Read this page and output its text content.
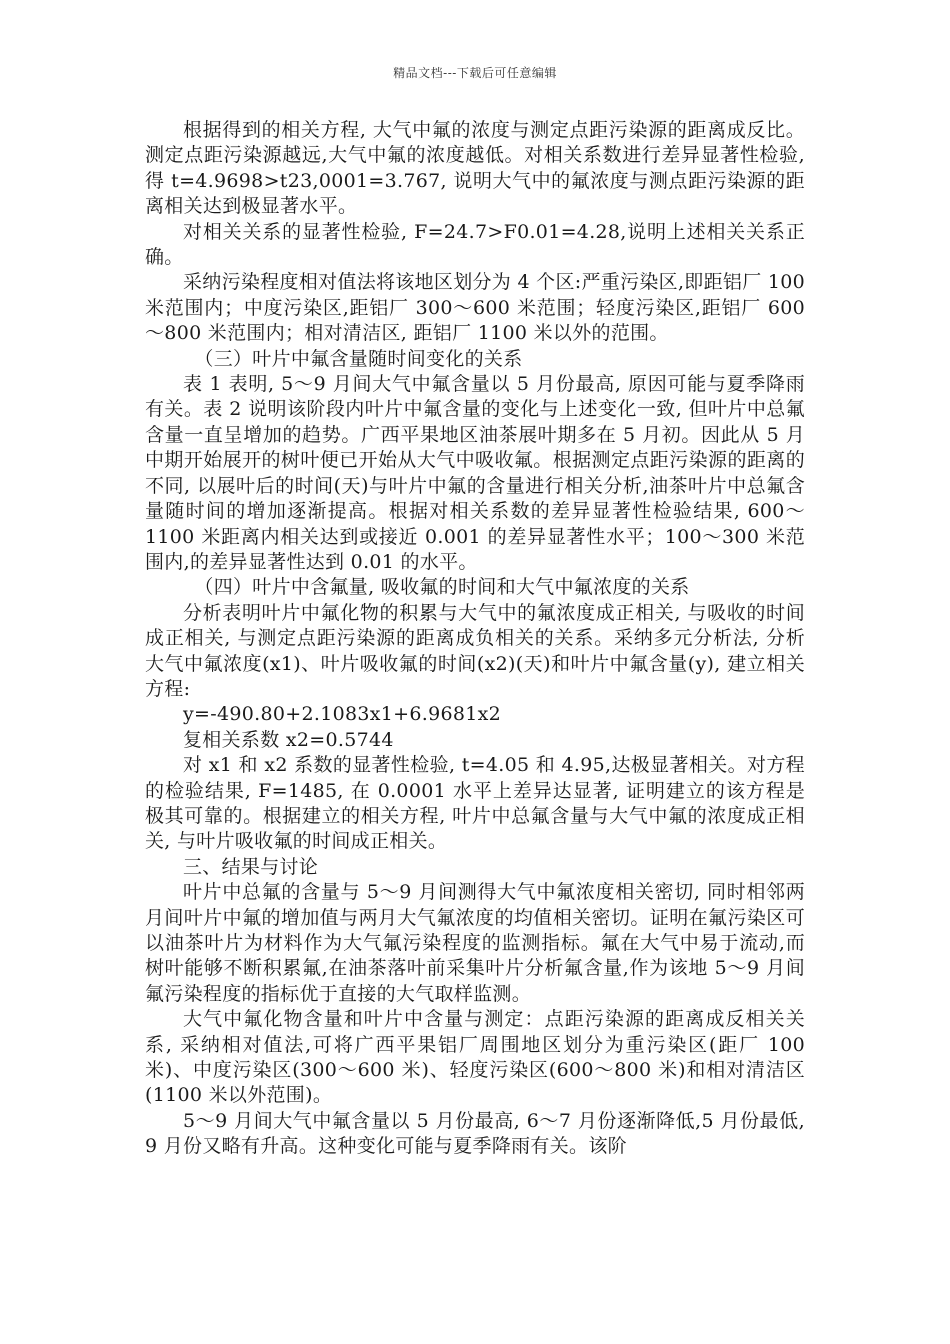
精品文档---下载后可任意编辑

根据得到的相关方程, 大气中氟的浓度与测定点距污染源的距离成反比。测定点距污染源越远,大气中氟的浓度越低。对相关系数进行差异显著性检验, 得 t=4.9698>t23,0001=3.767, 说明大气中的氟浓度与测点距污染源的距离相关达到极显著水平。

对相关关系的显著性检验, F=24.7>F0.01=4.28,说明上述相关关系正确。

采纳污染程度相对值法将该地区划分为 4 个区:严重污染区,即距铝厂 100 米范围内；中度污染区,距铝厂 300～600 米范围；轻度污染区,距铝厂 600～800 米范围内；相对清洁区, 距铝厂 1100 米以外的范围。

（三）叶片中氟含量随时间变化的关系

表 1 表明, 5～9 月间大气中氟含量以 5 月份最高, 原因可能与夏季降雨有关。表 2 说明该阶段内叶片中氟含量的变化与上述变化一致, 但叶片中总氟含量一直呈增加的趋势。广西平果地区油茶展叶期多在 5 月初。因此从 5 月中期开始展开的树叶便已开始从大气中吸收氟。根据测定点距污染源的距离的不同, 以展叶后的时间(天)与叶片中氟的含量进行相关分析,油茶叶片中总氟含量随时间的增加逐渐提高。根据对相关系数的差异显著性检验结果, 600～1100 米距离内相关达到或接近 0.001 的差异显著性水平；100～300 米范围内,的差异显著性达到 0.01 的水平。

（四）叶片中含氟量, 吸收氟的时间和大气中氟浓度的关系

分析表明叶片中氟化物的积累与大气中的氟浓度成正相关, 与吸收的时间成正相关, 与测定点距污染源的距离成负相关的关系。采纳多元分析法, 分析大气中氟浓度(x1)、叶片吸收氟的时间(x2)(天)和叶片中氟含量(y), 建立相关方程:

y=-490.80+2.1083x1+6.9681x2

复相关系数 x2=0.5744

对 x1 和 x2 系数的显著性检验, t=4.05 和 4.95,达极显著相关。对方程的检验结果, F=1485, 在 0.0001 水平上差异达显著, 证明建立的该方程是极其可靠的。根据建立的相关方程, 叶片中总氟含量与大气中氟的浓度成正相关, 与叶片吸收氟的时间成正相关。

三、结果与讨论

叶片中总氟的含量与 5～9 月间测得大气中氟浓度相关密切, 同时相邻两月间叶片中氟的增加值与两月大气氟浓度的均值相关密切。证明在氟污染区可以油茶叶片为材料作为大气氟污染程度的监测指标。氟在大气中易于流动,而树叶能够不断积累氟,在油茶落叶前采集叶片分析氟含量,作为该地 5～9 月间氟污染程度的指标优于直接的大气取样监测。

大气中氟化物含量和叶片中含量与测定：点距污染源的距离成反相关关系, 采纳相对值法,可将广西平果铝厂周围地区划分为重污染区(距厂 100 米)、中度污染区(300～600 米)、轻度污染区(600～800 米)和相对清洁区(1100 米以外范围)。

5～9 月间大气中氟含量以 5 月份最高, 6～7 月份逐渐降低,5 月份最低, 9 月份又略有升高。这种变化可能与夏季降雨有关。该阶
